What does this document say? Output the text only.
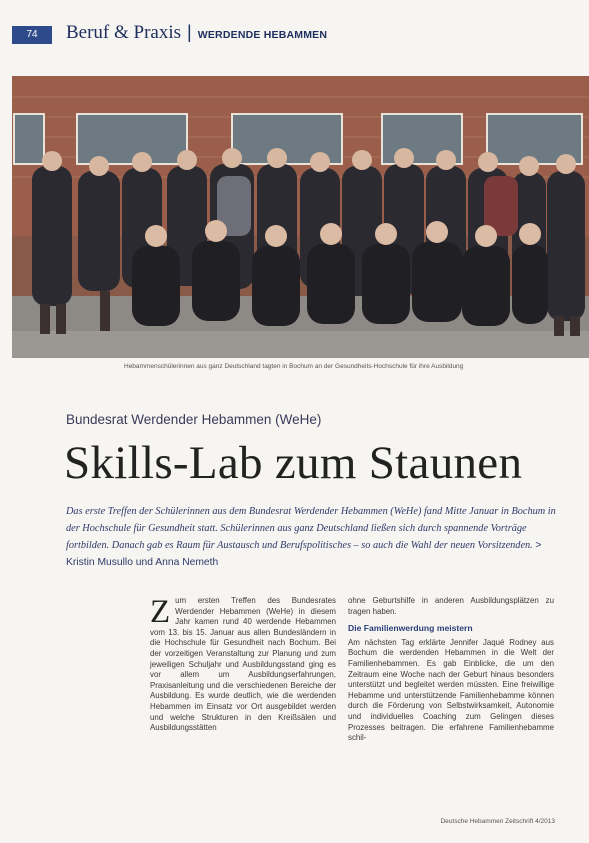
74	Beruf & Praxis | WERDENDE HEBAMMEN
Hebammenschülerinnen aus ganz Deutschland tagten in Bochum an der Gesundheits-Hochschule für ihre Ausbildung
Bundesrat Werdender Hebammen (WeHe)
Skills-Lab zum Staunen
Das erste Treffen der Schülerinnen aus dem Bundesrat Werdender Hebammen (WeHe) fand Mitte Januar in Bochum in der Hochschule für Gesundheit statt. Schülerinnen aus ganz Deutschland ließen sich durch spannende Vorträge fortbilden. Danach gab es Raum für Austausch und Berufspolitisches – so auch die Wahl der neuen Vorsitzenden. > Kristin Musullo und Anna Nemeth
Z um ersten Treffen des Bundesrates Werdender Hebammen (WeHe) in diesem Jahr kamen rund 40 werdende Hebammen vom 13. bis 15. Januar aus allen Bundesländern in die Hochschule für Gesundheit nach Bochum. Bei der vorzeitigen Veranstaltung zur Planung und zum jeweiligen Schuljahr und Ausbildungsstand ging es vor allem um Ausbildungserfahrungen, Praxisanleitung und die verschiedenen Bereiche der Ausbildung. Es wurde deutlich, wie die werdenden Hebammen im Einsatz vor Ort ausgebildet werden und welche Strukturen in den Kreißsälen und Ausbildungsstätten

ohne Geburtshilfe in anderen Ausbildungsplätzen zu tragen haben.

Die Familienwerdung meistern

Am nächsten Tag erklärte Jennifer Jaqué Rodney aus Bochum die werdenden Hebammen in die Welt der Familienhebammen. Es gab Einblicke, die um den Zeitraum eine Woche nach der Geburt hinaus besonders unterstützt und begleitet werden müssten. Eine freiwillige Hebamme und unterstützende Familienhebamme können durch die Förderung von Selbstwirksamkeit, Autonomie und individuelles Coaching zum Gelingen dieses Prozesses beitragen. Die erfahrene Familienhebamme schil-

Deutsche Hebammen Zeitschrift 4/2013
